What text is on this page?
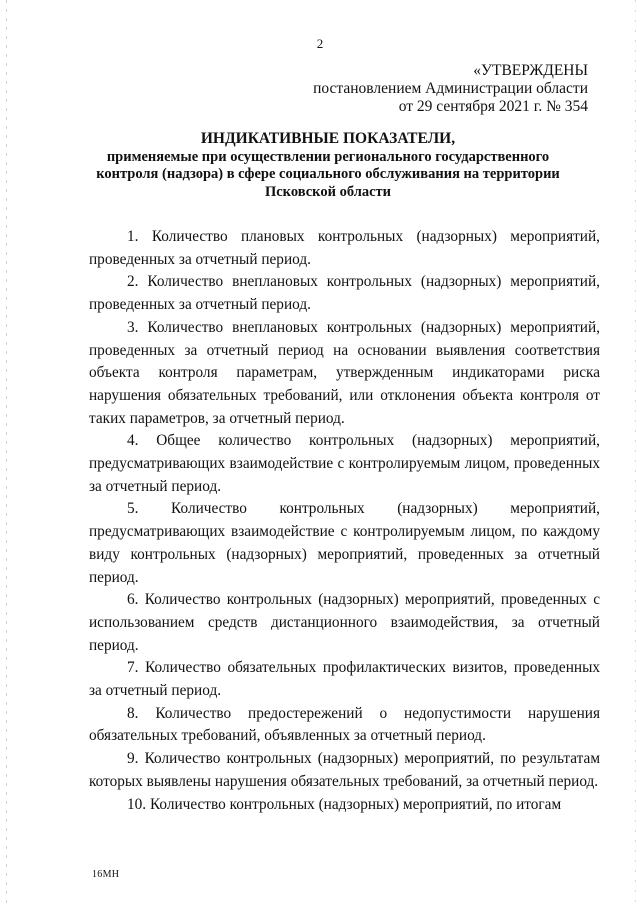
2
«УТВЕРЖДЕНЫ
постановлением Администрации области
от 29 сентября 2021 г. № 354
ИНДИКАТИВНЫЕ ПОКАЗАТЕЛИ,
применяемые при осуществлении регионального государственного контроля (надзора) в сфере социального обслуживания на территории Псковской области

1. Количество плановых контрольных (надзорных) мероприятий, проведенных за отчетный период.

2. Количество внеплановых контрольных (надзорных) мероприятий, проведенных за отчетный период.

3. Количество внеплановых контрольных (надзорных) мероприятий, проведенных за отчетный период на основании выявления соответствия объекта контроля параметрам, утвержденным индикаторами риска нарушения обязательных требований, или отклонения объекта контроля от таких параметров, за отчетный период.

4. Общее количество контрольных (надзорных) мероприятий, предусматривающих взаимодействие с контролируемым лицом, проведенных за отчетный период.

5. Количество контрольных (надзорных) мероприятий, предусматривающих взаимодействие с контролируемым лицом, по каждому виду контрольных (надзорных) мероприятий, проведенных за отчетный период.

6. Количество контрольных (надзорных) мероприятий, проведенных с использованием средств дистанционного взаимодействия, за отчетный период.

7. Количество обязательных профилактических визитов, проведенных за отчетный период.

8. Количество предостережений о недопустимости нарушения обязательных требований, объявленных за отчетный период.

9. Количество контрольных (надзорных) мероприятий, по результатам которых выявлены нарушения обязательных требований, за отчетный период.

10. Количество контрольных (надзорных) мероприятий, по итогам

16МН
